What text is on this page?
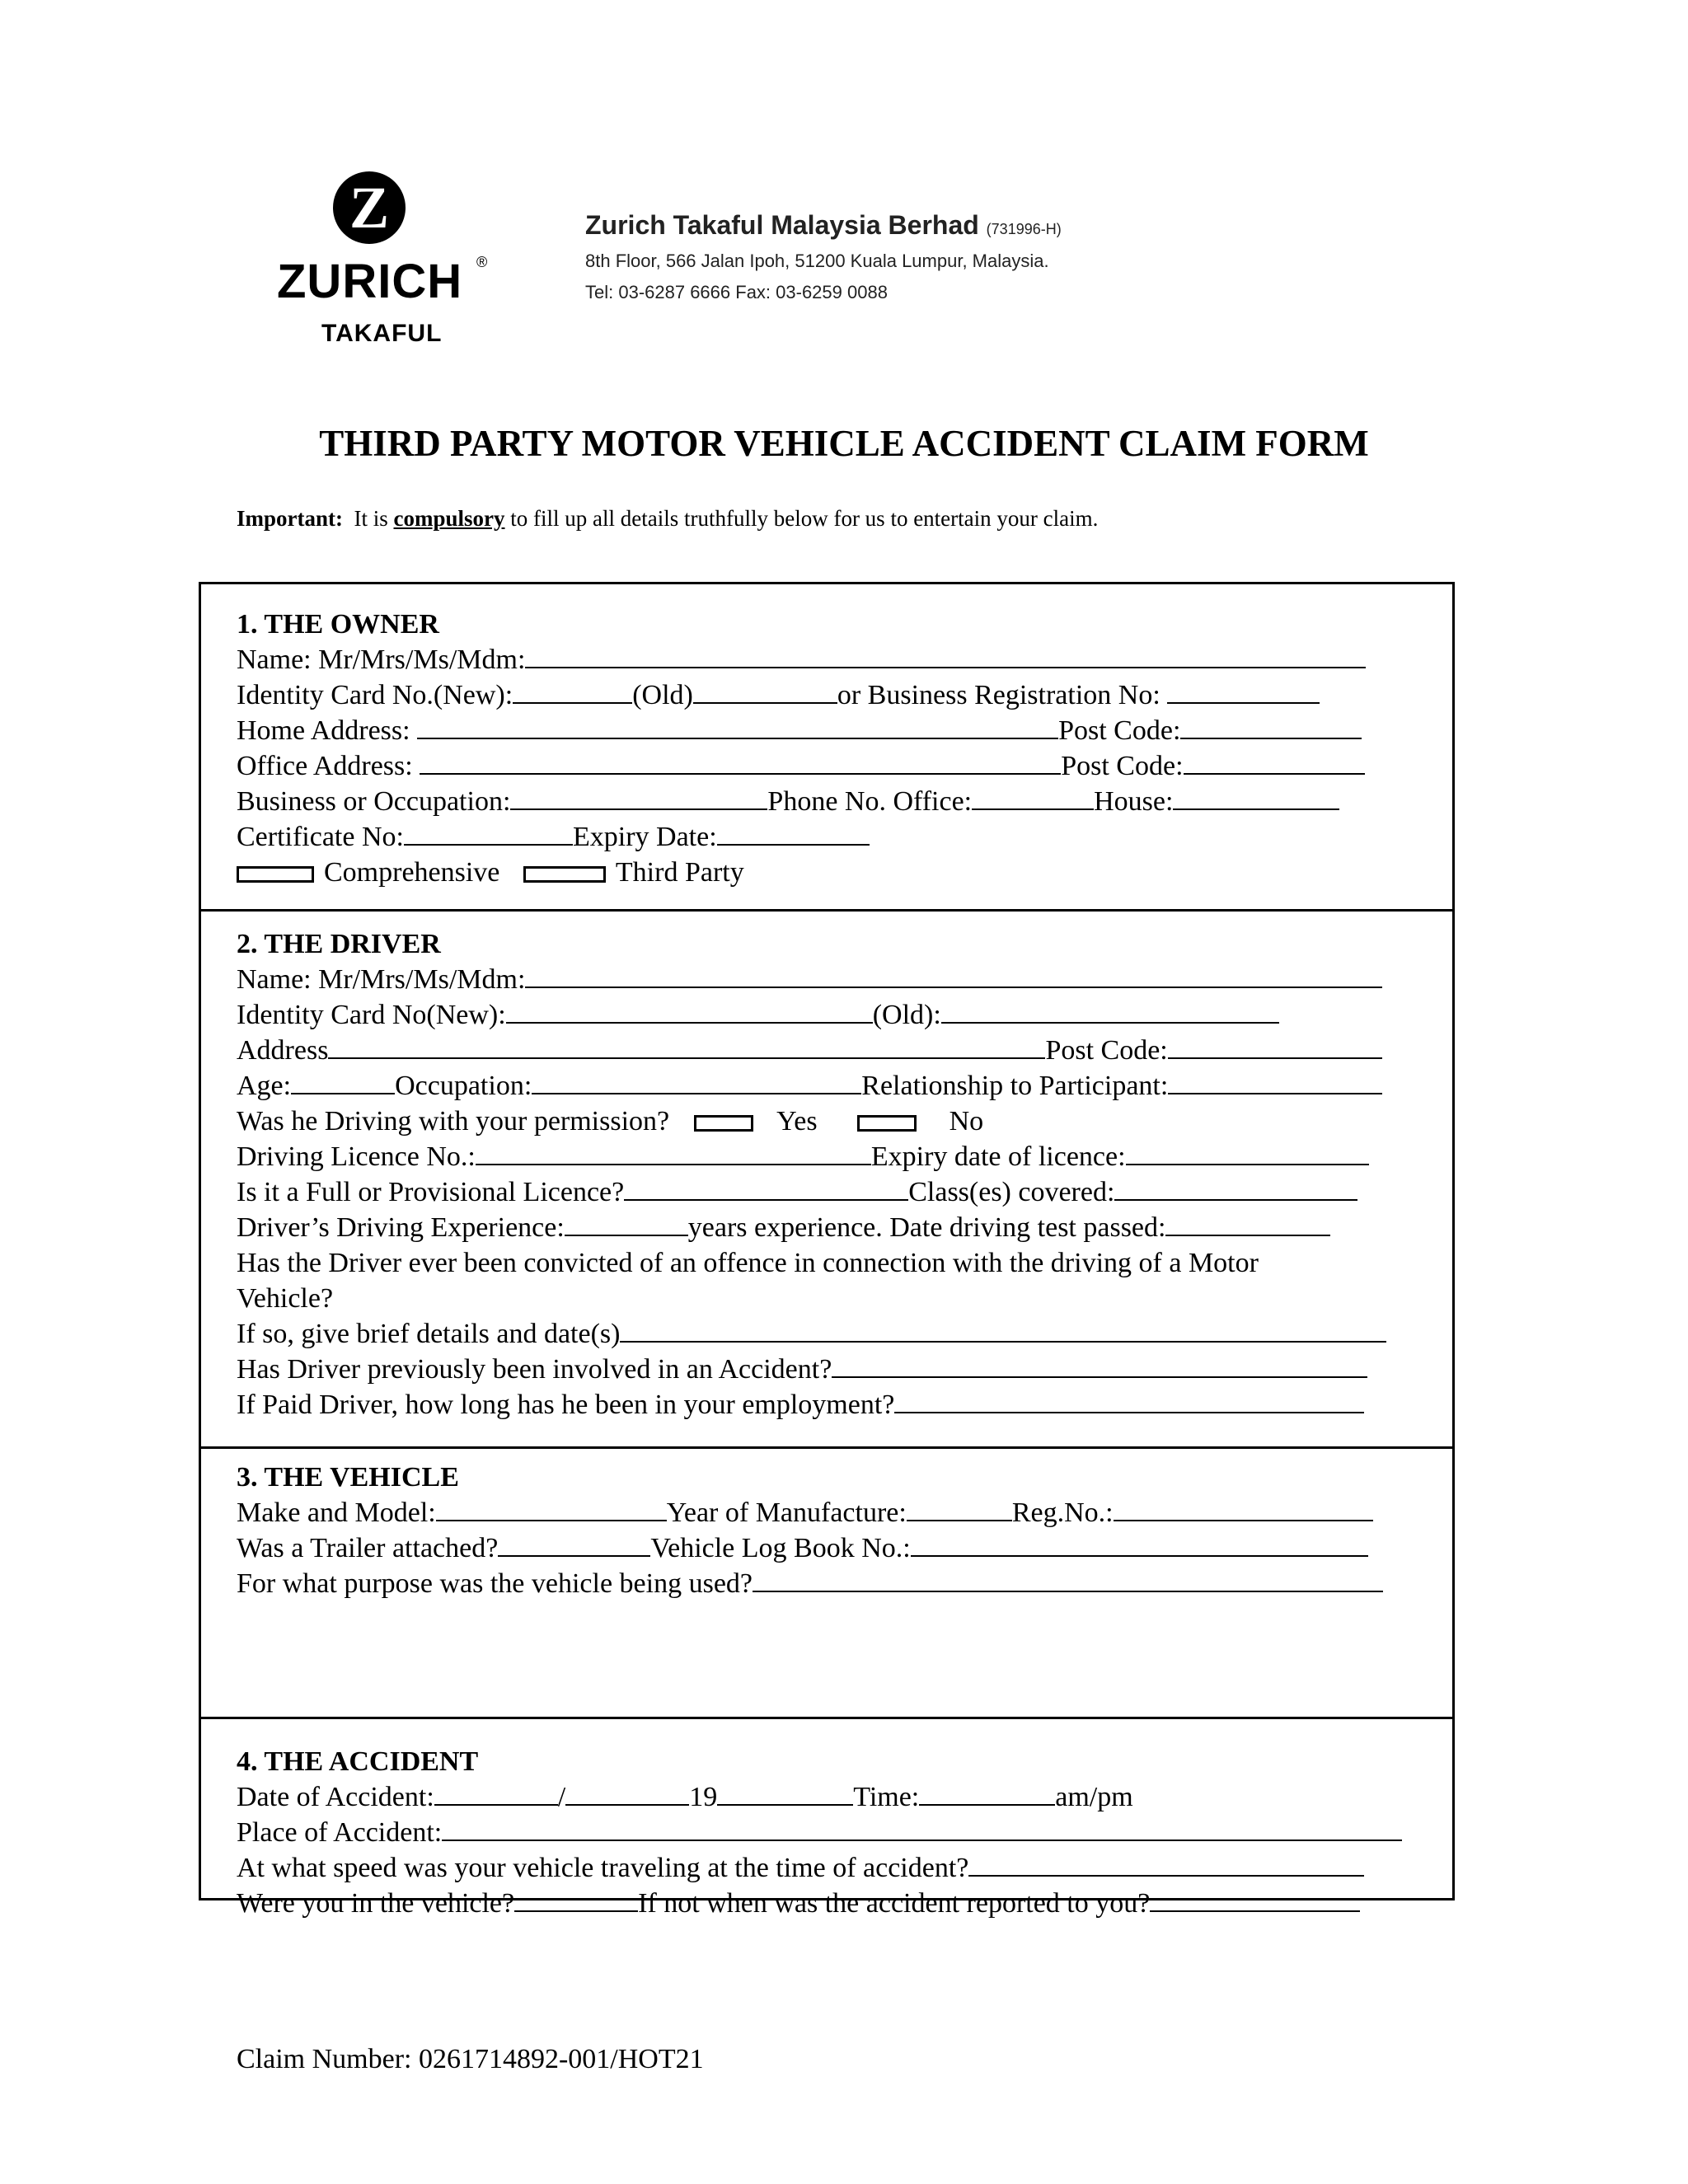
Z
ZURICH ®
TAKAFUL
Zurich Takaful Malaysia Berhad (731996-H)
8th Floor, 566 Jalan Ipoh, 51200 Kuala Lumpur, Malaysia.
Tel: 03-6287 6666 Fax: 03-6259 0088
THIRD PARTY MOTOR VEHICLE ACCIDENT CLAIM FORM
Important: It is compulsory to fill up all details truthfully below for us to entertain your claim.
1. THE OWNER
Name: Mr/Mrs/Ms/Mdm:
Identity Card No.(New):	(Old)	or Business Registration No:
Home Address:	Post Code:
Office Address:	Post Code:
Business or Occupation:	Phone No. Office:	House:
Certificate No:	Expiry Date:
Comprehensive	Third Party
2. THE DRIVER
Name: Mr/Mrs/Ms/Mdm:
Identity Card No(New):	(Old):
Address	Post Code:
Age:	Occupation:	Relationship to Participant:
Was he Driving with your permission?	Yes	No
Driving Licence No.:	Expiry date of licence:
Is it a Full or Provisional Licence?	Class(es) covered:
Driver’s Driving Experience:	years experience. Date driving test passed:
Has the Driver ever been convicted of an offence in connection with the driving of a Motor
Vehicle?
If so, give brief details and date(s)
Has Driver previously been involved in an Accident?
If Paid Driver, how long has he been in your employment?
3. THE VEHICLE
Make and Model:	Year of Manufacture:	Reg.No.:
Was a Trailer attached?	Vehicle Log Book No.:
For what purpose was the vehicle being used?
4. THE ACCIDENT
Date of Accident:	/	19	Time:	am/pm
Place of Accident:
At what speed was your vehicle traveling at the time of accident?
Were you in the vehicle?	If not when was the accident reported to you?
Claim Number: 0261714892-001/HOT21
